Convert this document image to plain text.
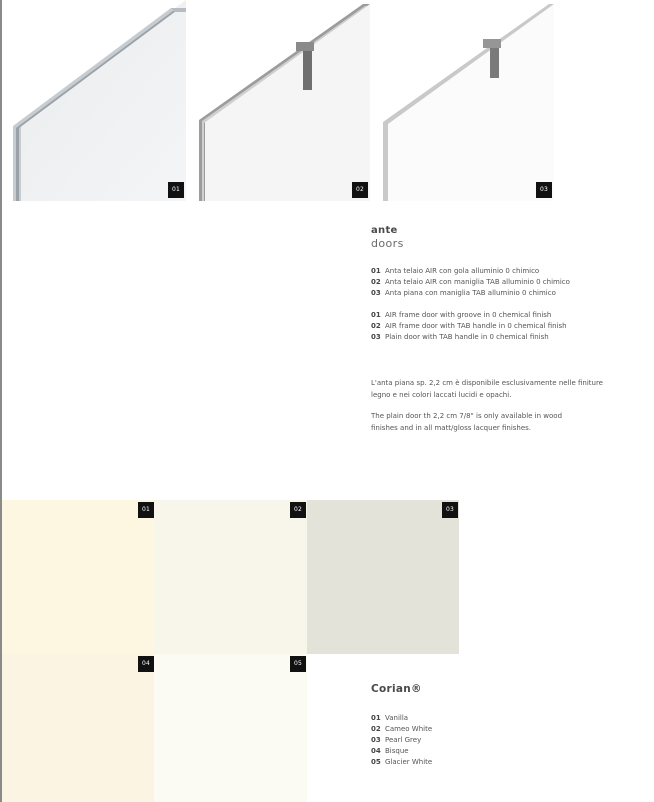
01	02	03
ante
doors
01 Anta telaio AIR con gola alluminio 0 chimico
02 Anta telaio AIR con maniglia TAB alluminio 0 chimico
03 Anta piana con maniglia TAB alluminio 0 chimico
01 AIR frame door with groove in 0 chemical finish
02 AIR frame door with TAB handle in 0 chemical finish
03 Plain door with TAB handle in 0 chemical finish

L'anta piana sp. 2,2 cm è disponibile esclusivamente nelle finiture legno e nei colori laccati lucidi e opachi.

The plain door th 2,2 cm 7/8" is only available in wood finishes and in all matt/gloss lacquer finishes.

01	02	03
04	05
Corian®
01 Vanilla
02 Cameo White
03 Pearl Grey
04 Bisque
05 Glacier White
